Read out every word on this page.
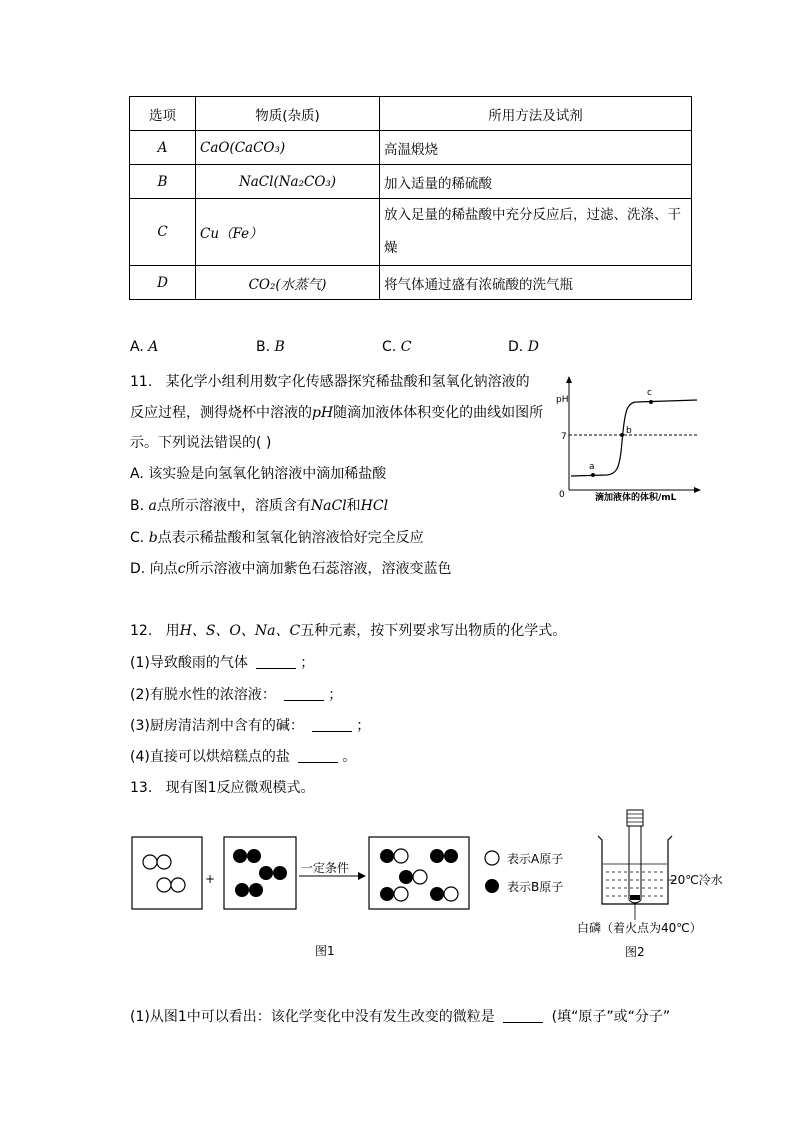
选项	物质(杂质)	所用方法及试剂
A	CaO(CaCO₃)	高温煅烧
B	NaCl(Na₂CO₃)	加入适量的稀硫酸
C	Cu（Fe）	放入足量的稀盐酸中充分反应后，过滤、洗涤、干
燥

D	CO₂(水蒸气)	将气体通过盛有浓硫酸的洗气瓶
A. A	B. B	C. C	D. D
11. 某化学小组利用数字化传感器探究稀盐酸和氢氧化钠溶液的
反应过程，测得烧杯中溶液的pH随滴加液体体积变化的曲线如图所
示。下列说法错误的( )
A. 该实验是向氢氧化钠溶液中滴加稀盐酸
B. a点所示溶液中，溶质含有NaCl和HCl
C. b点表示稀盐酸和氢氧化钠溶液恰好完全反应
D. 向点c所示溶液中滴加紫色石蕊溶液，溶液变蓝色
pH
0
7
a
b
c
滴加液体的体积/mL
12. 用H、S、O、Na、C五种元素，按下列要求写出物质的化学式。
(1)导致酸雨的气体	；
(2)有脱水性的浓溶液：	；
(3)厨房清洁剂中含有的碱：	；
(4)直接可以烘焙糕点的盐	。
13. 现有图1反应微观模式。
+
一定条件
表示A原子
表示B原子
图1
20℃冷水
白磷（着火点为40℃）
图2
(1)从图1中可以看出：该化学变化中没有发生改变的微粒是	(填“原子”或“分子”
